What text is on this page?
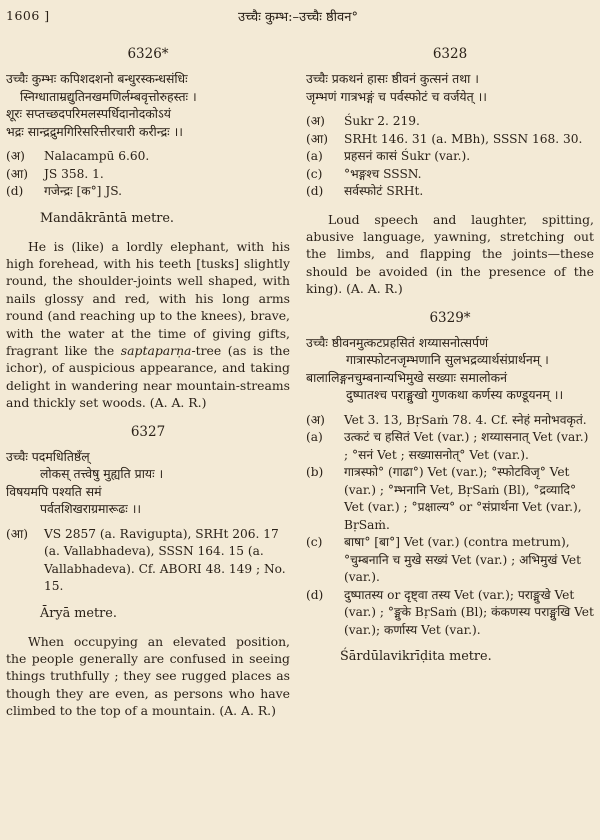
1606 ]	उच्चैः कुम्भ:–उच्चैः ष्ठीवन°
6326*
उच्चैः कुम्भः कपिशदशनो बन्धुरस्कन्धसंधिः
स्निग्धाताम्रद्युतिनखमणिर्लम्बवृत्तोरुहस्तः ।
शूरः सप्तच्छदपरिमलस्पर्धिदानोदकोऽयं
भद्रः सान्द्रद्रुमगिरिसरित्तीरचारी करीन्द्रः ।।
(अ)	Nalacampū 6.60.
(आ)	JS 358. 1.
(d)	गजेन्द्रः [क°] JS.
Mandākrāntā metre.
He is (like) a lordly elephant, with his high forehead, with his teeth [tusks] slightly round, the shoulder-joints well shaped, with nails glossy and red, with his long arms round (and reaching up to the knees), brave, with the water at the time of giving gifts, fragrant like the saptaparṇa-tree (as is the ichor), of auspicious appearance, and taking delight in wandering near mountain-streams and thickly set woods. (A. A. R.)
6327
उच्चैः पदमधितिष्ठँल्
लोकस् तत्त्वेषु मुह्यति प्रायः ।
विषयमपि पश्यति समं
पर्वतशिखराग्रमारूढः ।।
(आ)	VS 2857 (a. Ravigupta), SRHt 206. 17 (a. Vallabhadeva), SSSN 164. 15 (a. Vallabhadeva). Cf. ABORI 48. 149 ; No. 15.
Āryā metre.
When occupying an elevated position, the people generally are confused in seeing things truthfully ; they see rugged places as though they are even, as persons who have climbed to the top of a mountain. (A. A. R.)
6328
उच्चैः प्रकथनं हासः ष्ठीवनं कुत्सनं तथा ।
जृम्भणं गात्रभङ्गं च पर्वस्फोटं च वर्जयेत् ।।
(अ)	Śukr 2. 219.
(आ)	SRHt 146. 31 (a. MBh), SSSN 168. 30.
(a)	प्रहसनं कासं Śukr (var.).
(c)	°भङ्गश्च SSSN.
(d)	सर्वस्फोटं SRHt.
Loud speech and laughter, spitting, abusive language, yawning, stretching out the limbs, and flapping the joints—these should be avoided (in the presence of the king). (A. A. R.)
6329*
उच्चैः ष्ठीवनमुत्कटप्रहसितं शय्यासनोत्सर्पणं
गात्रास्फोटनजृम्भणानि सुलभद्रव्यार्थसंप्रार्थनम् ।
बालालिङ्गनचुम्बनान्यभिमुखे सख्याः समालोकनं
दुष्पातश्च पराङ्मुखो गुणकथा कर्णस्य कण्डूयनम् ।।
(अ)	Vet 3. 13, BṛSaṁ 78. 4. Cf. स्नेहं मनोभवकृतं.
(a)	उत्कटं च हसितं Vet (var.) ; शय्यासनात् Vet (var.) ; °सनं Vet ; सख्यासनोत्° Vet (var.).
(b)	गात्रस्फो° (गाढा°) Vet (var.); °स्फोटविजृ° Vet (var.) ; °म्भनानि Vet, BṛSaṁ (Bl), °द्रव्यादि° Vet (var.) ; °प्रक्षाल्य° or °संप्रार्थना Vet (var.), BṛSaṁ.
(c)	बाषा° [बा°] Vet (var.) (contra metrum), °चुम्बनानि च मुखे सख्यं Vet (var.) ; अभिमुखं Vet (var.).
(d)	दुष्पातस्य or दृष्ट्वा तस्य Vet (var.); पराङ्मुखे Vet (var.) ; °ङ्मुके BṛSaṁ (Bl); कंकणस्य पराङ्मुखि Vet (var.); कर्णास्य Vet (var.).
Śārdūlavikrīḍita metre.
